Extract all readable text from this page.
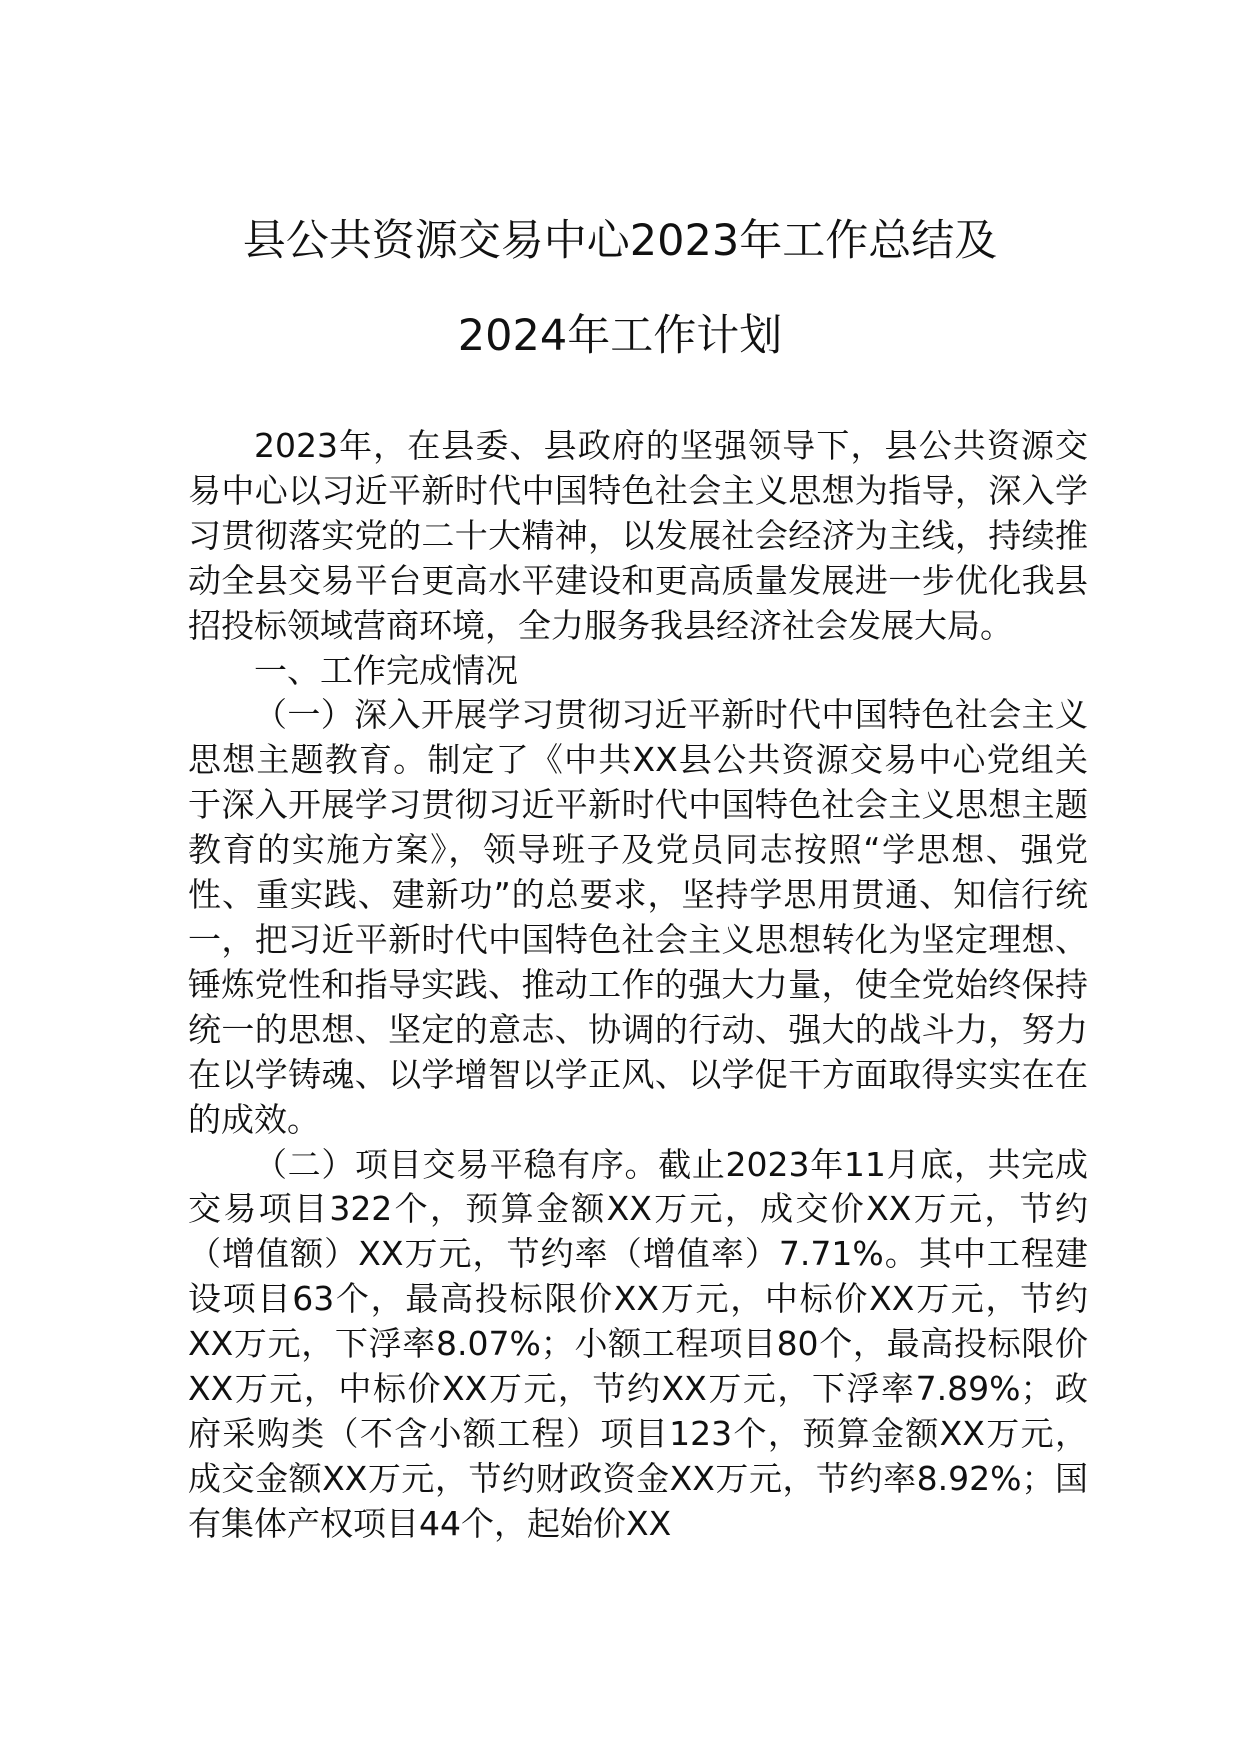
县公共资源交易中心2023年工作总结及
2024年工作计划

2023年，在县委、县政府的坚强领导下，县公共资源交易中心以习近平新时代中国特色社会主义思想为指导，深入学习贯彻落实党的二十大精神，以发展社会经济为主线，持续推动全县交易平台更高水平建设和更高质量发展进一步优化我县招投标领域营商环境，全力服务我县经济社会发展大局。

一、工作完成情况

（一）深入开展学习贯彻习近平新时代中国特色社会主义思想主题教育。制定了《中共XX县公共资源交易中心党组关于深入开展学习贯彻习近平新时代中国特色社会主义思想主题教育的实施方案》，领导班子及党员同志按照“学思想、强党性、重实践、建新功”的总要求，坚持学思用贯通、知信行统一，把习近平新时代中国特色社会主义思想转化为坚定理想、锤炼党性和指导实践、推动工作的强大力量，使全党始终保持统一的思想、坚定的意志、协调的行动、强大的战斗力，努力在以学铸魂、以学增智以学正风、以学促干方面取得实实在在的成效。

（二）项目交易平稳有序。截止2023年11月底，共完成交易项目322个，预算金额XX万元，成交价XX万元，节约（增值额）XX万元，节约率（增值率）7.71%。其中工程建设项目63个，最高投标限价XX万元，中标价XX万元，节约XX万元，下浮率8.07%；小额工程项目80个，最高投标限价XX万元，中标价XX万元，节约XX万元，下浮率7.89%；政府采购类（不含小额工程）项目123个，预算金额XX万元，成交金额XX万元，节约财政资金XX万元，节约率8.92%；国有集体产权项目44个，起始价XX
